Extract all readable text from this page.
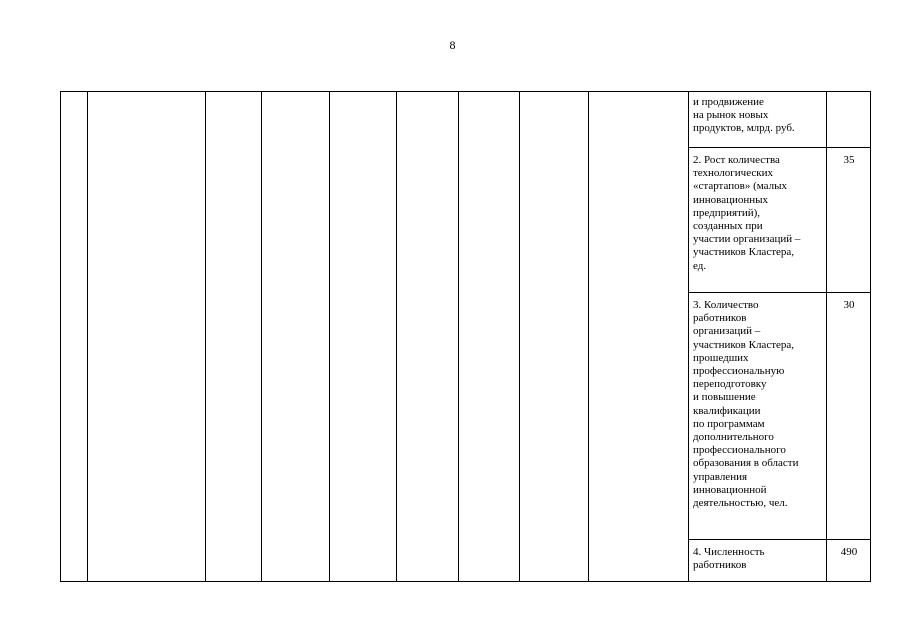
8
и продвижение
на рынок новых
продуктов, млрд. руб.
2. Рост количества
технологических
«стартапов» (малых
инновационных
предприятий),
созданных при
участии организаций –
участников Кластера,
ед.
35
3. Количество
работников
организаций –
участников Кластера,
прошедших
профессиональную
переподготовку
и повышение
квалификации
по программам
дополнительного
профессионального
образования в области
управления
инновационной
деятельностью, чел.
30
4. Численность
работников
490
